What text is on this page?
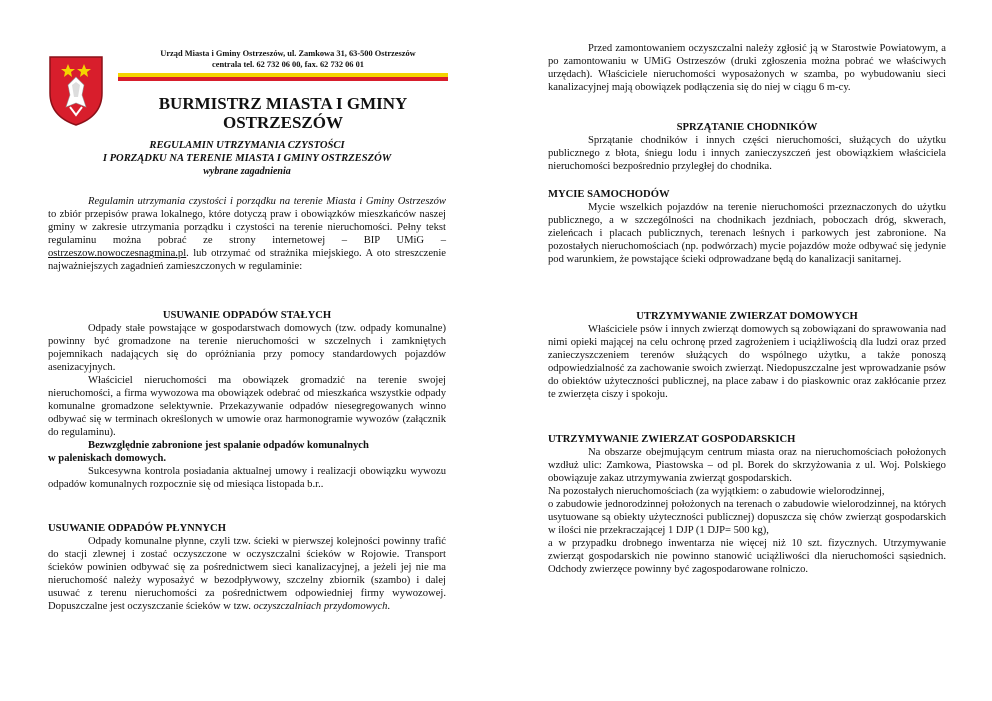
Urząd Miasta i Gminy Ostrzeszów, ul. Zamkowa 31, 63-500 Ostrzeszów
centrala tel. 62 732 06 00, fax. 62 732 06 01
BURMISTRZ MIASTA I GMINY
OSTRZESZÓW
REGULAMIN UTRZYMANIA CZYSTOŚCI
I PORZĄDKU NA TERENIE MIASTA I GMINY OSTRZESZÓW
wybrane zagadnienia

Regulamin utrzymania czystości i porządku na terenie Miasta i Gminy Ostrzeszów to zbiór przepisów prawa lokalnego, które dotyczą praw i obowiązków mieszkańców naszej gminy w zakresie utrzymania porządku i czystości na terenie nieruchomości. Pełny tekst regulaminu można pobrać ze strony internetowej – BIP UMiG – ostrzeszow.nowoczesnagmina.pl. lub otrzymać od strażnika miejskiego. A oto streszczenie najważniejszych zagadnień zamieszczonych w regulaminie:

USUWANIE ODPADÓW STAŁYCH

Odpady stałe powstające w gospodarstwach domowych (tzw. odpady komunalne) powinny być gromadzone na terenie nieruchomości w szczelnych i zamkniętych pojemnikach nadających się do opróżniania przy pomocy standardowych pojazdów asenizacyjnych.

Właściciel nieruchomości ma obowiązek gromadzić na terenie swojej nieruchomości, a firma wywozowa ma obowiązek odebrać od mieszkańca wszystkie odpady komunalne gromadzone selektywnie. Przekazywanie odpadów niesegregowanych winno odbywać się w terminach określonych w umowie oraz harmonogramie wywozów (załącznik do regulaminu).

Bezwzględnie zabronione jest spalanie odpadów komunalnych

w paleniskach domowych.

Sukcesywna kontrola posiadania aktualnej umowy i realizacji obowiązku wywozu odpadów komunalnych rozpocznie się od miesiąca listopada b.r..

USUWANIE ODPADÓW PŁYNNYCH

Odpady komunalne płynne, czyli tzw. ścieki w pierwszej kolejności powinny trafić do stacji zlewnej i zostać oczyszczone w oczyszczalni ścieków w Rojowie. Transport ścieków powinien odbywać się za pośrednictwem sieci kanalizacyjnej, a jeżeli jej nie ma nieruchomość należy wyposażyć w bezodpływowy, szczelny zbiornik (szambo) i dalej usuwać z terenu nieruchomości za pośrednictwem odpowiedniej firmy wywozowej. Dopuszczalne jest oczyszczanie ścieków w tzw. oczyszczalniach przydomowych.

Przed zamontowaniem oczyszczalni należy zgłosić ją w Starostwie Powiatowym, a po zamontowaniu w UMiG Ostrzeszów (druki zgłoszenia można pobrać we właściwych urzędach). Właściciele nieruchomości wyposażonych w szamba, po wybudowaniu sieci kanalizacyjnej mają obowiązek podłączenia się do niej w ciągu 6 m-cy.

SPRZĄTANIE CHODNIKÓW

Sprzątanie chodników i innych części nieruchomości, służących do użytku publicznego z błota, śniegu lodu i innych zanieczyszczeń jest obowiązkiem właściciela nieruchomości bezpośrednio przyległej do chodnika.

MYCIE SAMOCHODÓW

Mycie wszelkich pojazdów na terenie nieruchomości przeznaczonych do użytku publicznego, a w szczególności na chodnikach jezdniach, poboczach dróg, skwerach, zieleńcach i placach publicznych, terenach leśnych i parkowych jest zabronione. Na pozostałych nieruchomościach (np. podwórzach) mycie pojazdów może odbywać się jedynie pod warunkiem, że powstające ścieki odprowadzane będą do kanalizacji sanitarnej.

UTRZYMYWANIE ZWIERZAT DOMOWYCH

Właściciele psów i innych zwierząt domowych są zobowiązani do sprawowania nad nimi opieki mającej na celu ochronę przed zagrożeniem i uciążliwością dla ludzi oraz przed zanieczyszczeniem terenów służących do wspólnego użytku, a także ponoszą odpowiedzialność za zachowanie swoich zwierząt. Niedopuszczalne jest wprowadzanie psów do obiektów użyteczności publicznej, na place zabaw i do piaskownic oraz zakłócanie przez te zwierzęta ciszy i spokoju.

UTRZYMYWANIE ZWIERZAT GOSPODARSKICH

Na obszarze obejmującym centrum miasta oraz na nieruchomościach położonych wzdłuż ulic: Zamkowa, Piastowska – od pl. Borek do skrzyżowania z ul. Woj. Polskiego obowiązuje zakaz utrzymywania zwierząt gospodarskich.

Na pozostałych nieruchomościach (za wyjątkiem: o zabudowie wielorodzinnej,

o zabudowie jednorodzinnej położonych na terenach o zabudowie wielorodzinnej, na których usytuowane są obiekty użyteczności publicznej) dopuszcza się chów zwierząt gospodarskich w ilości nie przekraczającej 1 DJP (1 DJP= 500 kg),

a w przypadku drobnego inwentarza nie więcej niż 10 szt. fizycznych. Utrzymywanie zwierząt gospodarskich nie powinno stanowić uciążliwości dla nieruchomości sąsiednich. Odchody zwierzęce powinny być zagospodarowane rolniczo.
